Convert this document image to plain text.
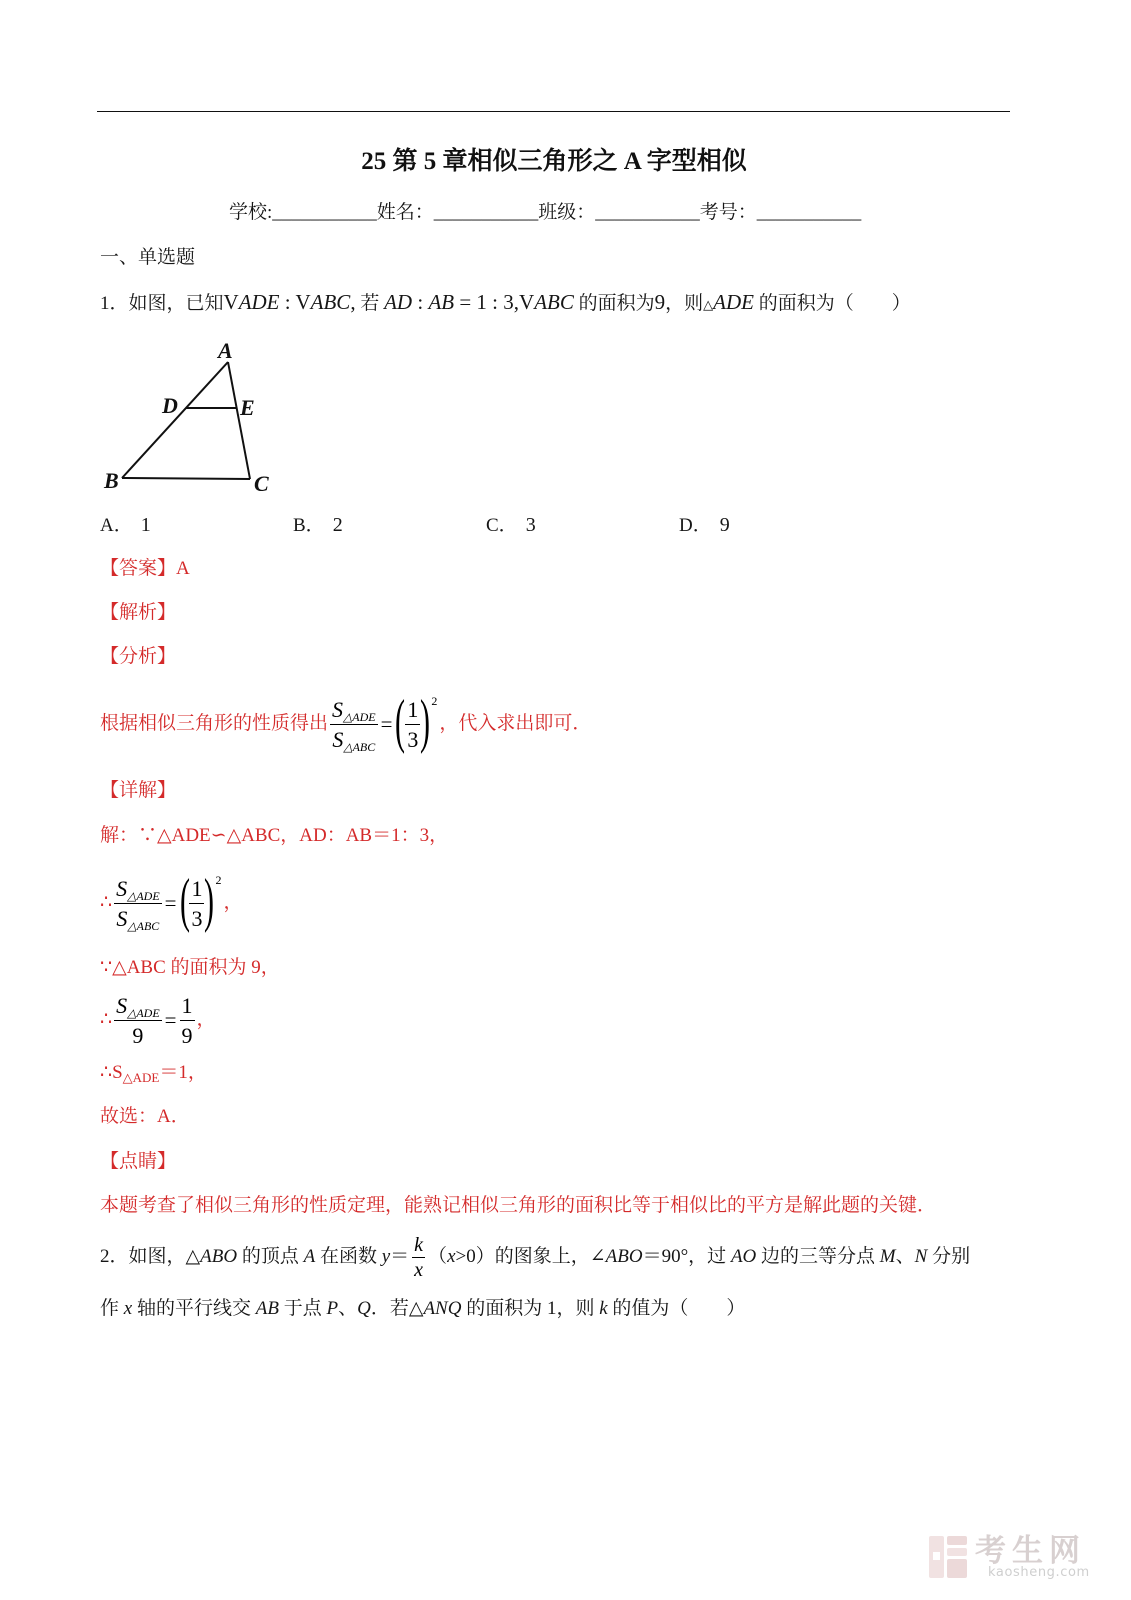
25 第 5 章相似三角形之 A 字型相似
学校:___________姓名：___________班级：___________考号：___________
一、单选题
1．如图，已知VADE : VABC, 若 AD : AB = 1 : 3,VABC 的面积为9，则△ADE 的面积为（　　）
A
D	E
B	C
A． 1	B． 2	C． 3	D． 9
【答案】A
【解析】
【分析】
根据相似三角形的性质得出 $\frac{S_{\triangle ADE}}{S_{\triangle ABC}}$ = ( $\frac{1}{3}$ ) 2
，代入求出即可．
【详解】
解：∵△ADE∽△ABC，AD：AB＝1：3，
∴ $\frac{S_{\triangle ADE}}{S_{\triangle ABC}}$ = ( $\frac{1}{3}$ ) 2
，
∵△ABC 的面积为 9，
∴ $\frac{S_{\triangle ADE}}{9} = \frac{1}{9}$ ，
$\therefore S_{\triangle ADE}=1$，
故选：A．
【点睛】
本题考查了相似三角形的性质定理，能熟记相似三角形的面积比等于相似比的平方是解此题的关键．
2．如图，△ABO 的顶点 A 在函数 $y= \frac{k}{x} (x>0)$的图象上，∠ABO＝90°，过 AO 边的三等分点 M、N 分别
作 x 轴的平行线交 AB 于点 P、Q．若△ANQ 的面积为 1，则 k 的值为（　　）
考生网
kaosheng.com
